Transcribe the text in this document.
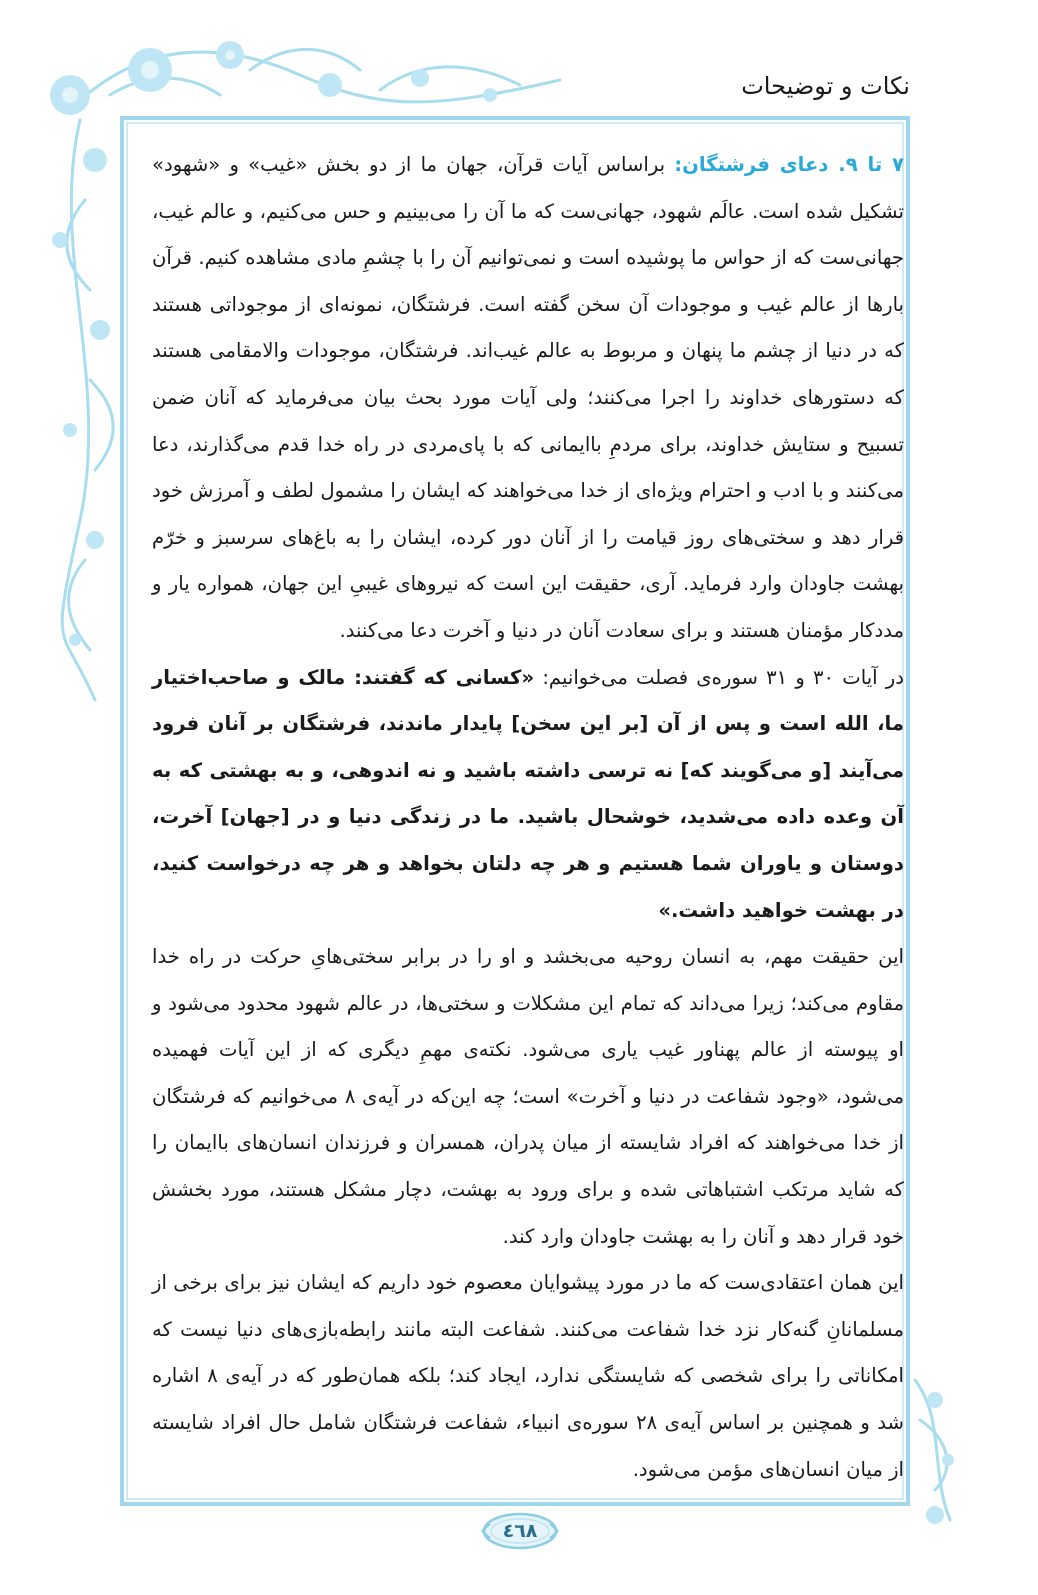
نکات و توضیحات

۷ تا ۹. دعای فرشتگان: براساس آیات قرآن، جهان ما از دو بخش «غیب» و «شهود» تشکیل شده است. عالَم شهود، جهانی‌ست که ما آن را می‌بینیم و حس می‌کنیم، و عالم غیب، جهانی‌ست که از حواس ما پوشیده است و نمی‌توانیم آن را با چشمِ مادی مشاهده کنیم. قرآن بارها از عالم غیب و موجودات آن سخن گفته است. فرشتگان، نمونه‌ای از موجوداتی هستند که در دنیا از چشم ما پنهان و مربوط به عالم غیب‌اند. فرشتگان، موجودات والامقامی هستند که دستورهای خداوند را اجرا می‌کنند؛ ولی آیات مورد بحث بیان می‌فرماید که آنان ضمن تسبیح و ستایش خداوند، برای مردمِ باایمانی که با پای‌مردی در راه خدا قدم می‌گذارند، دعا می‌کنند و با ادب و احترام ویژه‌ای از خدا می‌خواهند که ایشان را مشمول لطف و آمرزش خود قرار دهد و سختی‌های روز قیامت را از آنان دور کرده، ایشان را به باغ‌های سرسبز و خرّم بهشت جاودان وارد فرماید. آری، حقیقت این است که نیروهای غیبیِ این جهان، همواره یار و مددکار مؤمنان هستند و برای سعادت آنان در دنیا و آخرت دعا می‌کنند.

در آیات ۳۰ و ۳۱ سوره‌ی فصلت می‌خوانیم: «کسانی که گفتند: مالک و صاحب‌اختیار ما، الله است و پس از آن [بر این سخن] پایدار ماندند، فرشتگان بر آنان فرود می‌آیند [و می‌گویند که] نه ترسی داشته باشید و نه اندوهی، و به بهشتی که به آن وعده داده می‌شدید، خوشحال باشید. ما در زندگی دنیا و در [جهان] آخرت، دوستان و یاوران شما هستیم و هر چه دلتان بخواهد و هر چه درخواست کنید، در بهشت خواهید داشت.»

این حقیقت مهم، به انسان روحیه می‌بخشد و او را در برابر سختی‌هایِ حرکت در راه خدا مقاوم می‌کند؛ زیرا می‌داند که تمام این مشکلات و سختی‌ها، در عالم شهود محدود می‌شود و او پیوسته از عالم پهناور غیب یاری می‌شود. نکته‌ی مهمِ دیگری که از این آیات فهمیده می‌شود، «وجود شفاعت در دنیا و آخرت» است؛ چه این‌که در آیه‌ی ۸ می‌خوانیم که فرشتگان از خدا می‌خواهند که افراد شایسته از میان پدران، همسران و فرزندان انسان‌های باایمان را که شاید مرتکب اشتباهاتی شده و برای ورود به بهشت، دچار مشکل هستند، مورد بخشش خود قرار دهد و آنان را به بهشت جاودان وارد کند.

این همان اعتقادی‌ست که ما در مورد پیشوایان معصوم خود داریم که ایشان نیز برای برخی از مسلمانانِ گنه‌کار نزد خدا شفاعت می‌کنند. شفاعت البته مانند رابطه‌بازی‌های دنیا نیست که امکاناتی را برای شخصی که شایستگی ندارد، ایجاد کند؛ بلکه همان‌طور که در آیه‌ی ۸ اشاره شد و همچنین بر اساس آیه‌ی ۲۸ سوره‌ی انبیاء، شفاعت فرشتگان شامل حال افراد شایسته از میان انسان‌های مؤمن می‌شود.

٤٦٨
